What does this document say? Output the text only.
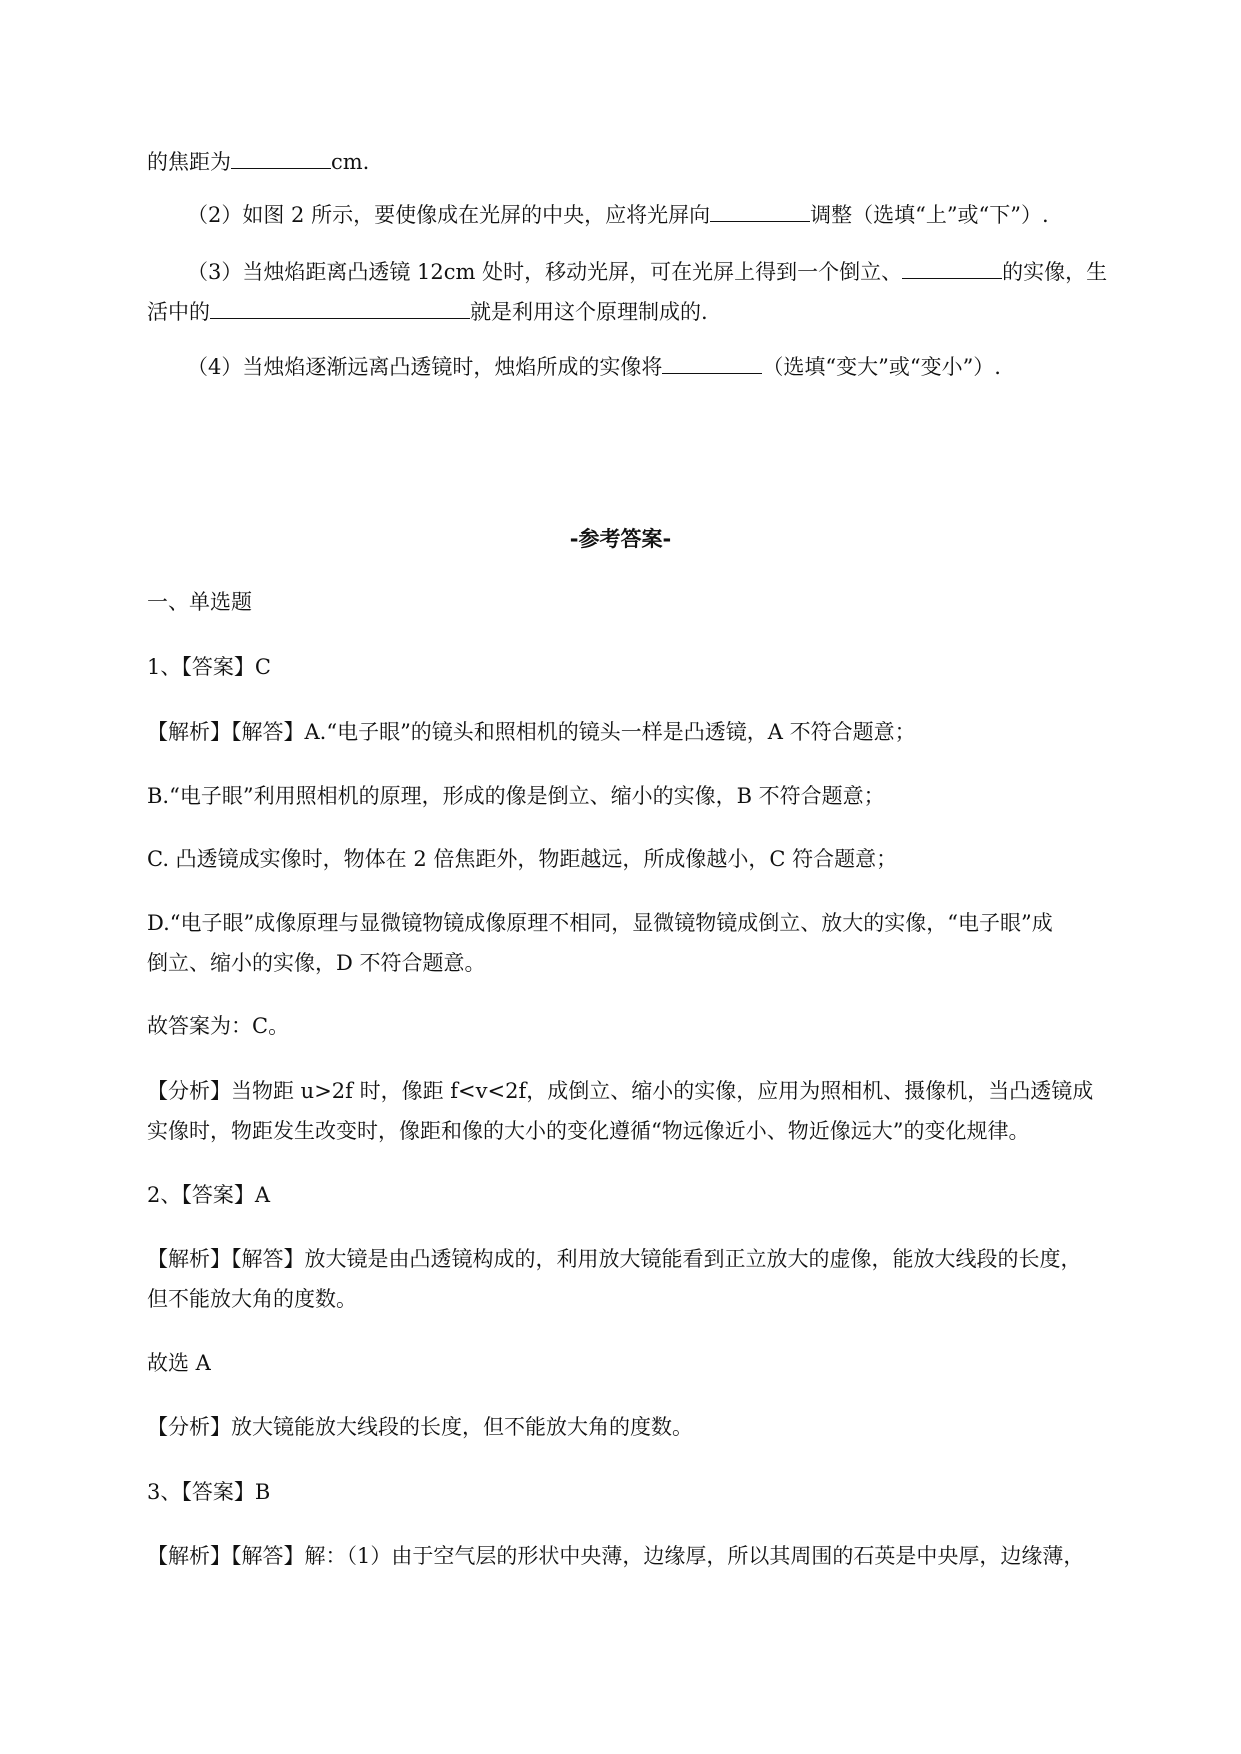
的焦距为	cm.
（2）如图 2 所示，要使像成在光屏的中央，应将光屏向	调整（选填“上”或“下”）.
（3）当烛焰距离凸透镜 12cm 处时，移动光屏，可在光屏上得到一个倒立、	的实像，生
活中的	就是利用这个原理制成的.
（4）当烛焰逐渐远离凸透镜时，烛焰所成的实像将	（选填“变大”或“变小”）.
-参考答案-
一、单选题
1、【答案】C
【解析】【解答】A.“电子眼”的镜头和照相机的镜头一样是凸透镜，A 不符合题意；
B.“电子眼”利用照相机的原理，形成的像是倒立、缩小的实像，B 不符合题意；
C. 凸透镜成实像时，物体在 2 倍焦距外，物距越远，所成像越小，C 符合题意；
D.“电子眼”成像原理与显微镜物镜成像原理不相同，显微镜物镜成倒立、放大的实像，“电子眼”成
倒立、缩小的实像，D 不符合题意。
故答案为：C。
【分析】当物距 u>2f 时，像距 f<v<2f，成倒立、缩小的实像，应用为照相机、摄像机，当凸透镜成
实像时，物距发生改变时，像距和像的大小的变化遵循“物远像近小、物近像远大”的变化规律。
2、【答案】A
【解析】【解答】放大镜是由凸透镜构成的，利用放大镜能看到正立放大的虚像，能放大线段的长度，
但不能放大角的度数。
故选 A
【分析】放大镜能放大线段的长度，但不能放大角的度数。
3、【答案】B
【解析】【解答】解：（1）由于空气层的形状中央薄，边缘厚，所以其周围的石英是中央厚，边缘薄，
